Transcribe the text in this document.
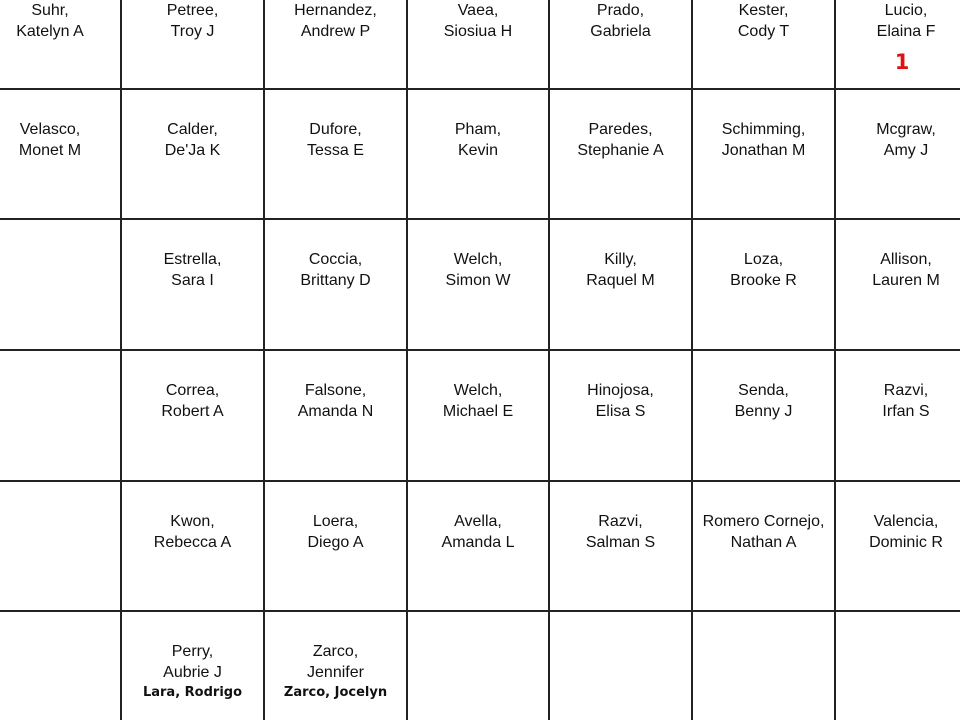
Suhr,
Katelyn A
Petree,
Troy J
Hernandez,
Andrew P
Vaea,
Siosiua H
Prado,
Gabriela
Kester,
Cody T
Lucio,
Elaina F
Velasco,
Monet M
Calder,
De'Ja K
Dufore,
Tessa E
Pham,
Kevin
Paredes,
Stephanie A
Schimming,
Jonathan M
Mcgraw,
Amy J
Estrella,
Sara I
Coccia,
Brittany D
Welch,
Simon W
Killy,
Raquel M
Loza,
Brooke R
Allison,
Lauren M
Correa,
Robert A
Falsone,
Amanda N
Welch,
Michael E
Hinojosa,
Elisa S
Senda,
Benny J
Razvi,
Irfan S
Kwon,
Rebecca A
Loera,
Diego A
Avella,
Amanda L
Razvi,
Salman S
Romero Cornejo,
Nathan A
Valencia,
Dominic R
Perry,
Aubrie J
Lara, Rodrigo
Zarco,
Jennifer
Zarco, Jocelyn
1
